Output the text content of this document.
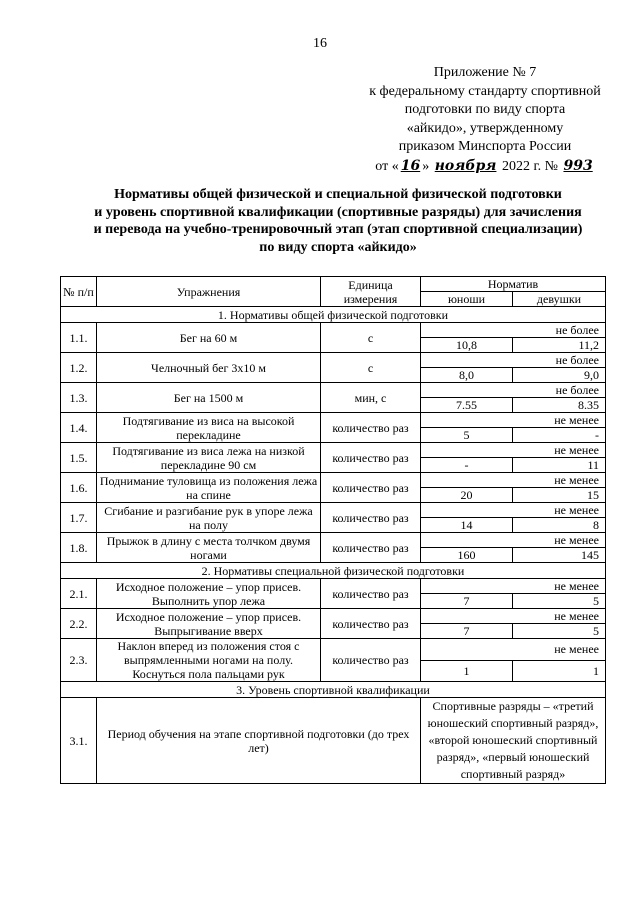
16
Приложение № 7
к федеральному стандарту спортивной
подготовки по виду спорта
«айкидо», утвержденному
приказом Минспорта России
от « 16 » ноября 2022 г. № 993
Нормативы общей физической и специальной физической подготовки
и уровень спортивной квалификации (спортивные разряды) для зачисления
и перевода на учебно-тренировочный этап (этап спортивной специализации)
по виду спорта «айкидо»
№ п/п	Упражнения	Единица измерения	Норматив	
			юноши	девушки
1. Нормативы общей физической подготовки				
1.1.	Бег на 60 м	с	не более	
			10,8	11,2
1.2.	Челночный бег 3х10 м	с	не более	
			8,0	9,0
1.3.	Бег на 1500 м	мин, с	не более	
			7.55	8.35
1.4.	Подтягивание из виса на высокой перекладине	количество раз	не менее	
			5	-
1.5.	Подтягивание из виса лежа на низкой перекладине 90 см	количество раз	не менее	
			-	11
1.6.	Поднимание туловища из положения лежа на спине	количество раз	не менее	
			20	15
1.7.	Сгибание и разгибание рук в упоре лежа на полу	количество раз	не менее	
			14	8
1.8.	Прыжок в длину с места толчком двумя ногами	количество раз	не менее	
			160	145
2. Нормативы специальной физической подготовки				
2.1.	Исходное положение – упор присев. Выполнить упор лежа	количество раз	не менее	
			7	5
2.2.	Исходное положение – упор присев. Выпрыгивание вверх	количество раз	не менее	
			7	5
2.3.	Наклон вперед из положения стоя с выпрямленными ногами на полу. Коснуться пола пальцами рук	количество раз	не менее	
			1	1
3. Уровень спортивной квалификации				
3.1.	Период обучения на этапе спортивной подготовки (до трех лет)		Спортивные разряды – «третий юношеский спортивный разряд», «второй юношеский спортивный разряд», «первый юношеский спортивный разряд»	
